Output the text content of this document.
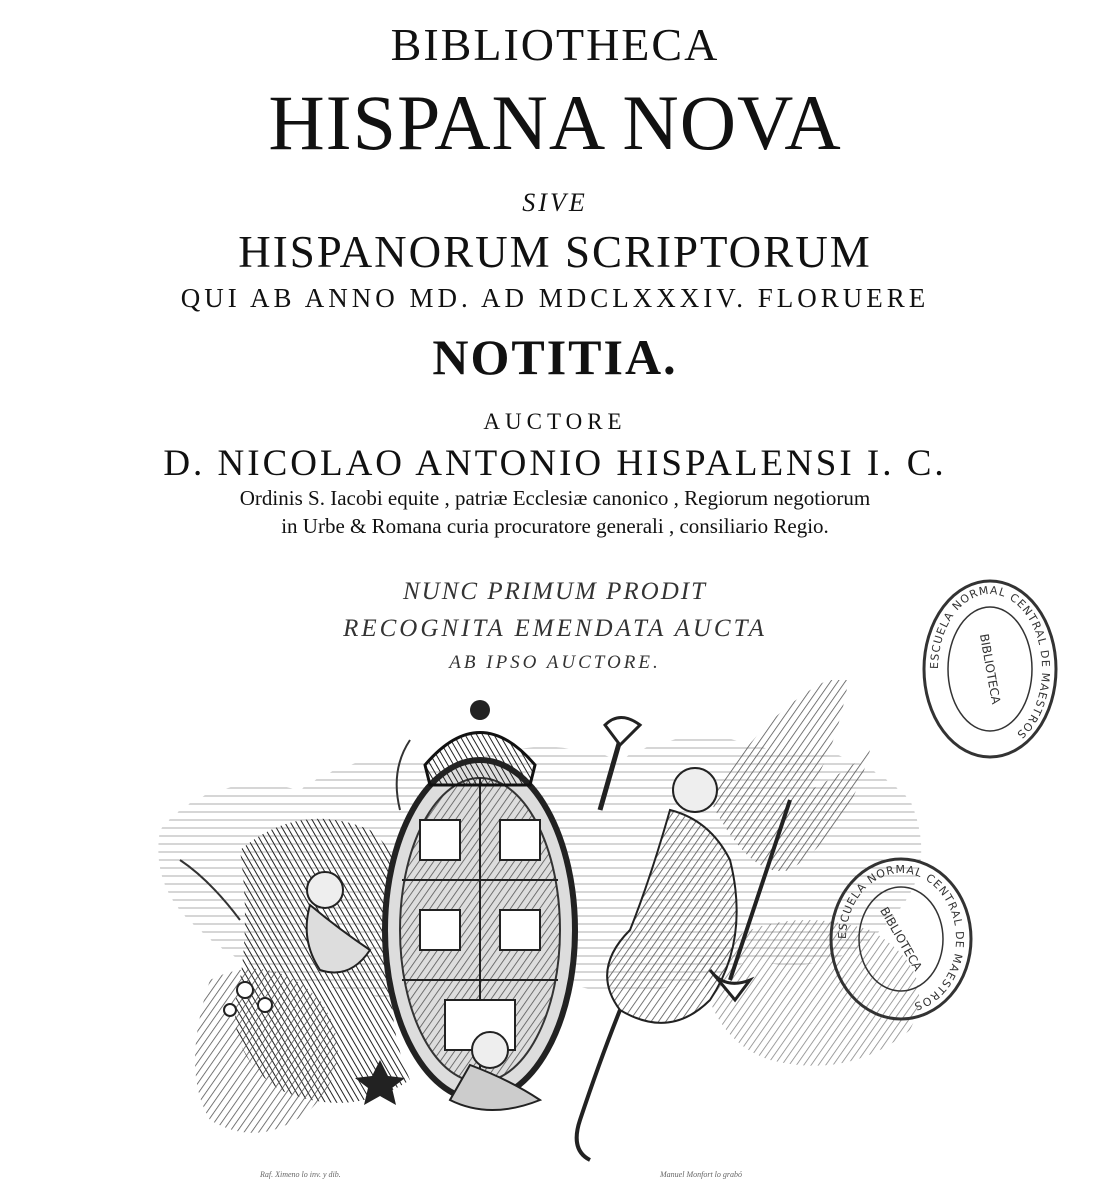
BIBLIOTHECA
HISPANA NOVA
SIVE
HISPANORUM SCRIPTORUM
QUI AB ANNO MD. AD MDCLXXXIV. FLORUERE
NOTITIA.
AUCTORE
D. NICOLAO ANTONIO HISPALENSI I. C.
Ordinis S. Iacobi equite , patriæ Ecclesiæ canonico , Regiorum negotiorum
in Urbe & Romana curia procuratore generali , consiliario Regio.
NUNC PRIMUM PRODIT
RECOGNITA EMENDATA AUCTA
AB IPSO AUCTORE.	ESCUELA NORMAL CENTRAL DE MAESTROS
BIBLIOTECA
ESCUELA NORMAL CENTRAL DE MAESTROS
BIBLIOTECA
Raf. Ximeno lo inv. y dib.	Manuel Monfort lo grabó
